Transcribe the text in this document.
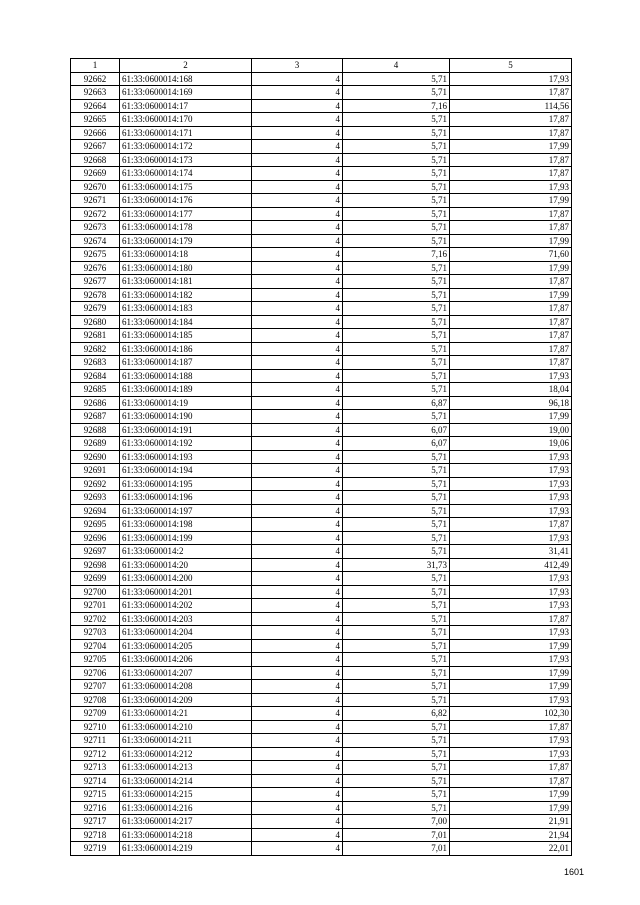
1	2	3	4	5
92662	61:33:0600014:168	4	5,71	17,93
92663	61:33:0600014:169	4	5,71	17,87
92664	61:33:0600014:17	4	7,16	114,56
92665	61:33:0600014:170	4	5,71	17,87
92666	61:33:0600014:171	4	5,71	17,87
92667	61:33:0600014:172	4	5,71	17,99
92668	61:33:0600014:173	4	5,71	17,87
92669	61:33:0600014:174	4	5,71	17,87
92670	61:33:0600014:175	4	5,71	17,93
92671	61:33:0600014:176	4	5,71	17,99
92672	61:33:0600014:177	4	5,71	17,87
92673	61:33:0600014:178	4	5,71	17,87
92674	61:33:0600014:179	4	5,71	17,99
92675	61:33:0600014:18	4	7,16	71,60
92676	61:33:0600014:180	4	5,71	17,99
92677	61:33:0600014:181	4	5,71	17,87
92678	61:33:0600014:182	4	5,71	17,99
92679	61:33:0600014:183	4	5,71	17,87
92680	61:33:0600014:184	4	5,71	17,87
92681	61:33:0600014:185	4	5,71	17,87
92682	61:33:0600014:186	4	5,71	17,87
92683	61:33:0600014:187	4	5,71	17,87
92684	61:33:0600014:188	4	5,71	17,93
92685	61:33:0600014:189	4	5,71	18,04
92686	61:33:0600014:19	4	6,87	96,18
92687	61:33:0600014:190	4	5,71	17,99
92688	61:33:0600014:191	4	6,07	19,00
92689	61:33:0600014:192	4	6,07	19,06
92690	61:33:0600014:193	4	5,71	17,93
92691	61:33:0600014:194	4	5,71	17,93
92692	61:33:0600014:195	4	5,71	17,93
92693	61:33:0600014:196	4	5,71	17,93
92694	61:33:0600014:197	4	5,71	17,93
92695	61:33:0600014:198	4	5,71	17,87
92696	61:33:0600014:199	4	5,71	17,93
92697	61:33:0600014:2	4	5,71	31,41
92698	61:33:0600014:20	4	31,73	412,49
92699	61:33:0600014:200	4	5,71	17,93
92700	61:33:0600014:201	4	5,71	17,93
92701	61:33:0600014:202	4	5,71	17,93
92702	61:33:0600014:203	4	5,71	17,87
92703	61:33:0600014:204	4	5,71	17,93
92704	61:33:0600014:205	4	5,71	17,99
92705	61:33:0600014:206	4	5,71	17,93
92706	61:33:0600014:207	4	5,71	17,99
92707	61:33:0600014:208	4	5,71	17,99
92708	61:33:0600014:209	4	5,71	17,93
92709	61:33:0600014:21	4	6,82	102,30
92710	61:33:0600014:210	4	5,71	17,87
92711	61:33:0600014:211	4	5,71	17,93
92712	61:33:0600014:212	4	5,71	17,93
92713	61:33:0600014:213	4	5,71	17,87
92714	61:33:0600014:214	4	5,71	17,87
92715	61:33:0600014:215	4	5,71	17,99
92716	61:33:0600014:216	4	5,71	17,99
92717	61:33:0600014:217	4	7,00	21,91
92718	61:33:0600014:218	4	7,01	21,94
92719	61:33:0600014:219	4	7,01	22,01
1601
